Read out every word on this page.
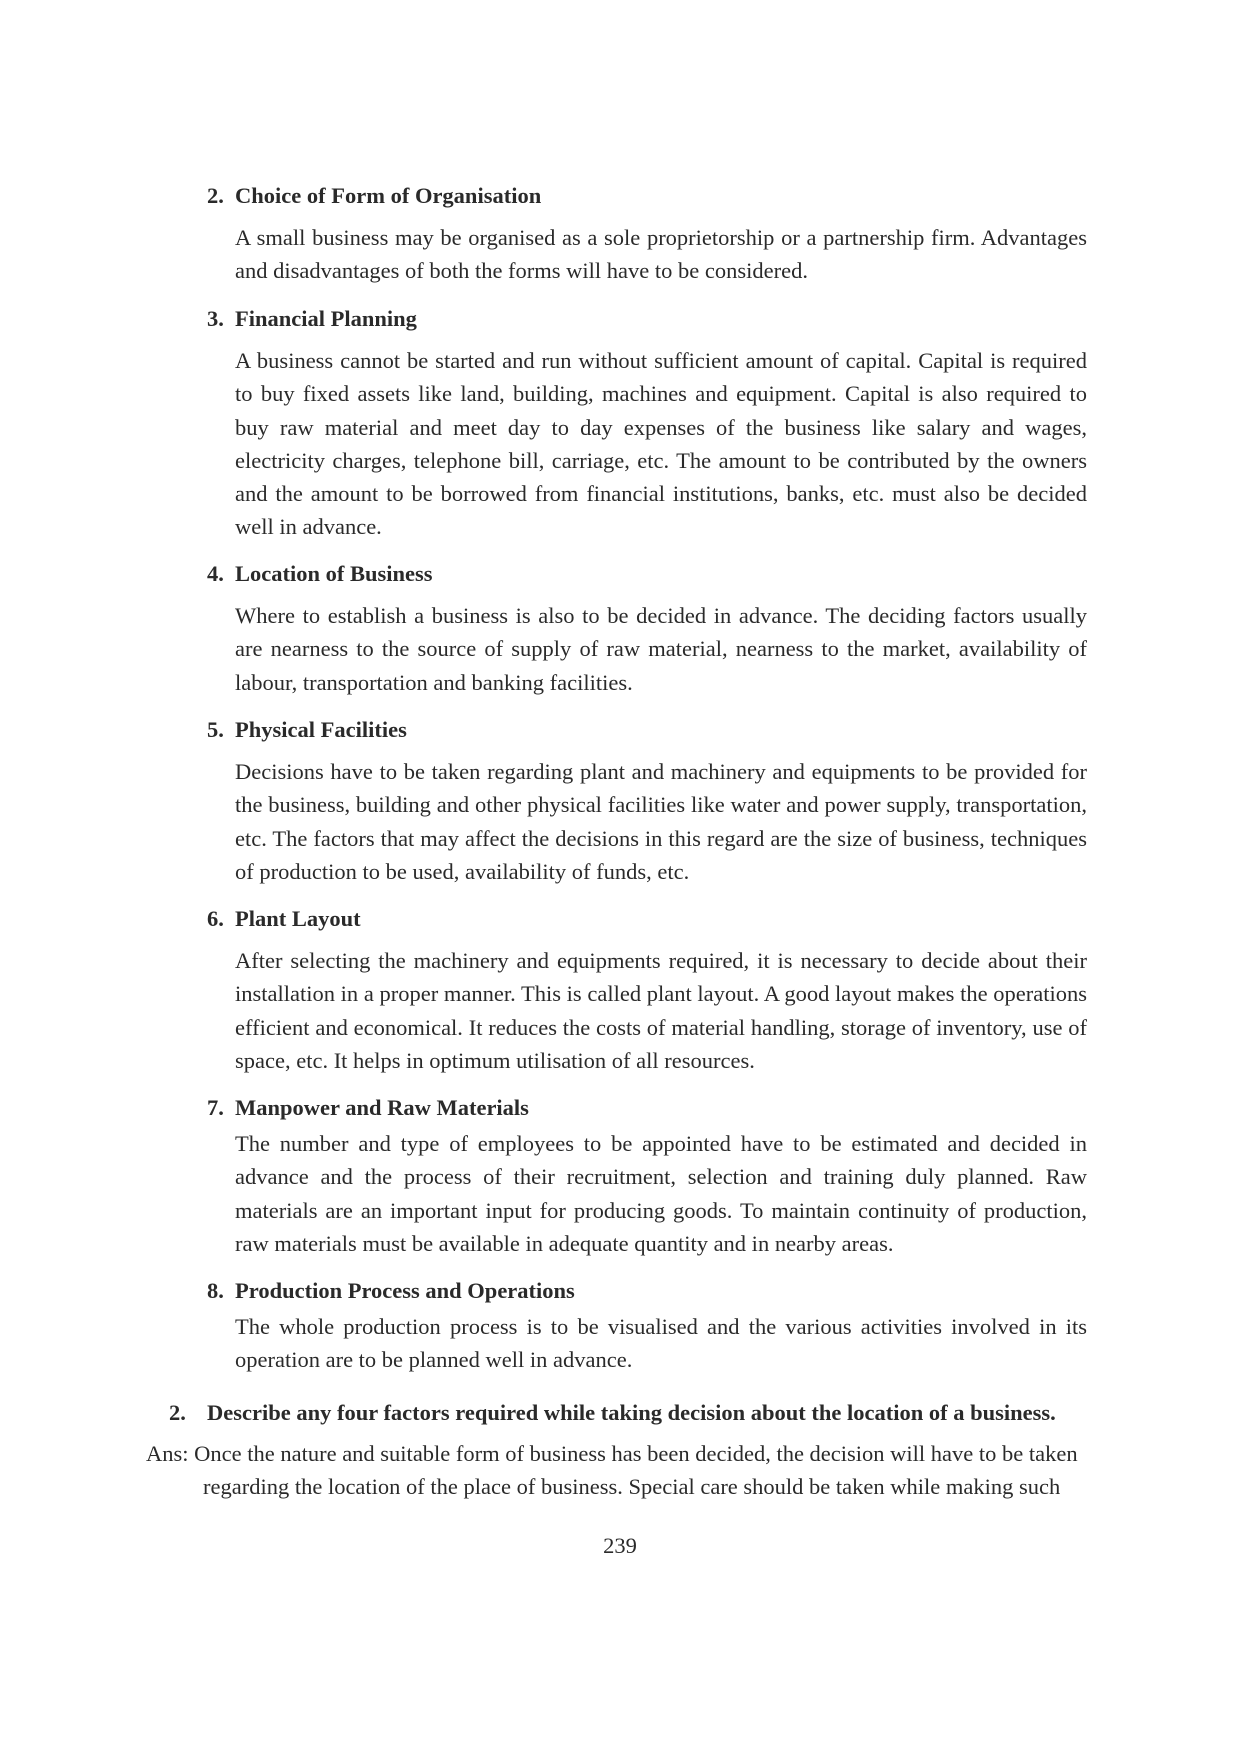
2. Choice of Form of Organisation

A small business may be organised as a sole proprietorship or a partnership firm. Advantages and disadvantages of both the forms will have to be considered.

3. Financial Planning

A business cannot be started and run without sufficient amount of capital. Capital is required to buy fixed assets like land, building, machines and equipment. Capital is also required to buy raw material and meet day to day expenses of the business like salary and wages, electricity charges, telephone bill, carriage, etc. The amount to be contributed by the owners and the amount to be borrowed from financial institutions, banks, etc. must also be decided well in advance.

4. Location of Business

Where to establish a business is also to be decided in advance. The deciding factors usually are nearness to the source of supply of raw material, nearness to the market, availability of labour, transportation and banking facilities.

5. Physical Facilities

Decisions have to be taken regarding plant and machinery and equipments to be provided for the business, building and other physical facilities like water and power supply, transportation, etc. The factors that may affect the decisions in this regard are the size of business, techniques of production to be used, availability of funds, etc.

6. Plant Layout

After selecting the machinery and equipments required, it is necessary to decide about their installation in a proper manner. This is called plant layout. A good layout makes the operations efficient and economical. It reduces the costs of material handling, storage of inventory, use of space, etc. It helps in optimum utilisation of all resources.

7. Manpower and Raw Materials

The number and type of employees to be appointed have to be estimated and decided in advance and the process of their recruitment, selection and training duly planned. Raw materials are an important input for producing goods. To maintain continuity of production, raw materials must be available in adequate quantity and in nearby areas.

8. Production Process and Operations

The whole production process is to be visualised and the various activities involved in its operation are to be planned well in advance.

2. Describe any four factors required while taking decision about the location of a business.
Ans: Once the nature and suitable form of business has been decided, the decision will have to be taken
regarding the location of the place of business. Special care should be taken while making such
239
